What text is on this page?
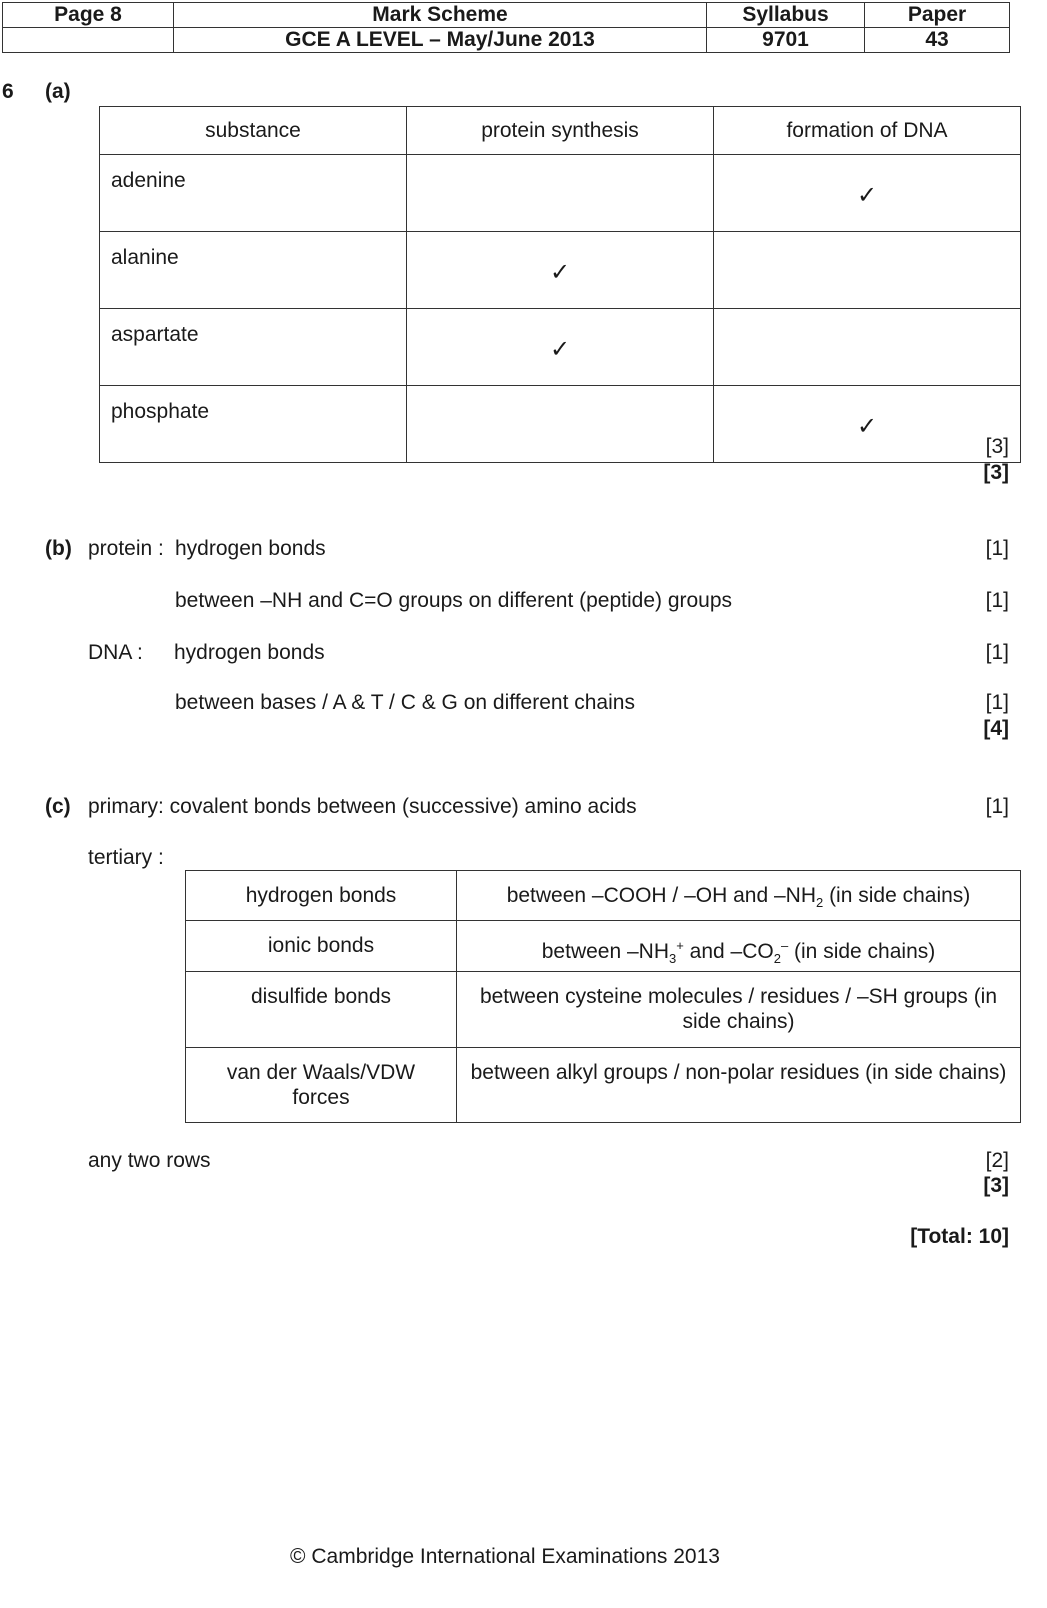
Page 8	Mark Scheme	Syllabus	Paper
	GCE A LEVEL – May/June 2013	9701	43
6 (a)
substance	protein synthesis	formation of DNA
adenine		✓
alanine	✓	
aspartate	✓	
phosphate		✓
[3]
[3]
(b) protein : hydrogen bonds	[1]
between –NH and C=O groups on different (peptide) groups	[1]
DNA : hydrogen bonds	[1]
between bases / A & T / C & G on different chains	[1]
[4]
(c) primary: covalent bonds between (successive) amino acids	[1]
tertiary :
hydrogen bonds	between –COOH / –OH and $-NH_2$ (in side chains)
ionic bonds	between $-NH_3^+$ and $-CO_2^-$ (in side chains)
disulfide bonds	between cysteine molecules / residues / –SH groups (in side chains)
van der Waals/VDW forces	between alkyl groups / non-polar residues (in side chains)
any two rows	[2]
[3]
[Total: 10]
© Cambridge International Examinations 2013
